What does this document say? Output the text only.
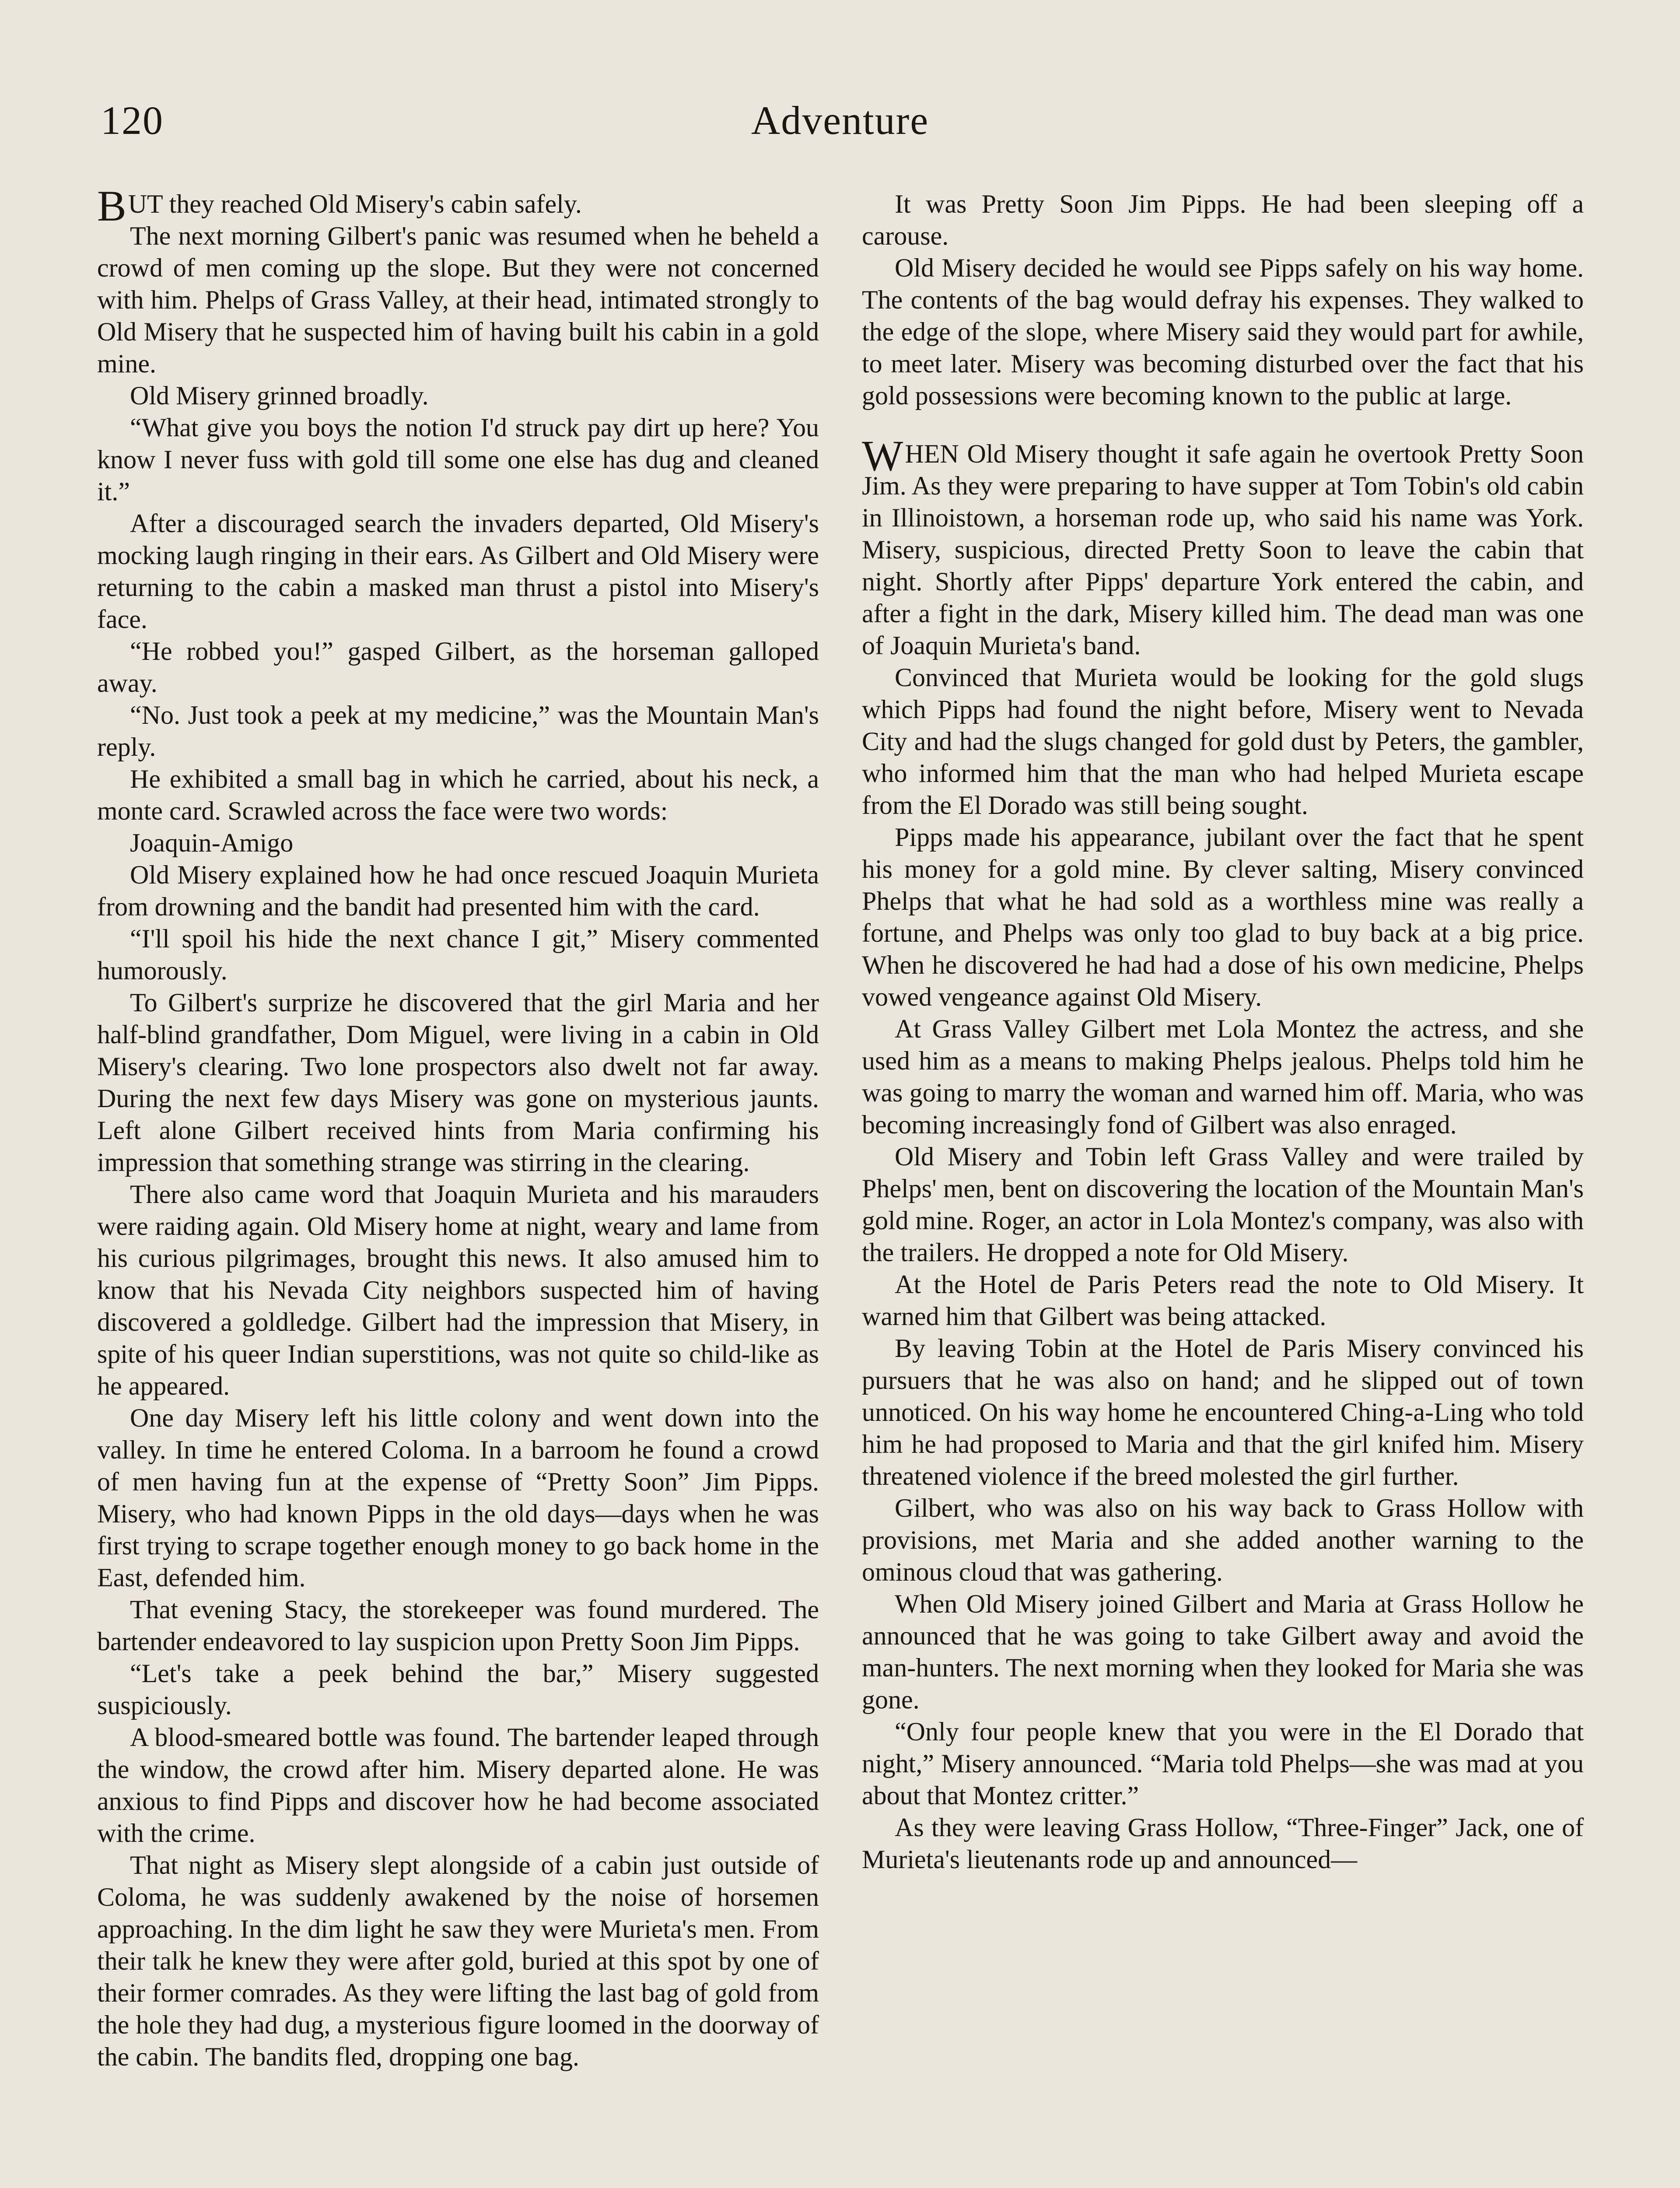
120	Adventure

BUT they reached Old Misery's cabin safely.

The next morning Gilbert's panic was resumed when he beheld a crowd of men coming up the slope. But they were not concerned with him. Phelps of Grass Valley, at their head, intimated strongly to Old Misery that he suspected him of having built his cabin in a gold mine.

Old Misery grinned broadly.

“What give you boys the notion I'd struck pay dirt up here? You know I never fuss with gold till some one else has dug and cleaned it.”

After a discouraged search the invaders departed, Old Misery's mocking laugh ringing in their ears. As Gilbert and Old Misery were returning to the cabin a masked man thrust a pistol into Misery's face.

“He robbed you!” gasped Gilbert, as the horseman galloped away.

“No. Just took a peek at my medicine,” was the Mountain Man's reply.

He exhibited a small bag in which he carried, about his neck, a monte card. Scrawled across the face were two words:

Joaquin-Amigo

Old Misery explained how he had once rescued Joaquin Murieta from drowning and the bandit had presented him with the card.

“I'll spoil his hide the next chance I git,” Misery commented humorously.

To Gilbert's surprize he discovered that the girl Maria and her half-blind grandfather, Dom Miguel, were living in a cabin in Old Misery's clearing. Two lone prospectors also dwelt not far away. During the next few days Misery was gone on mysterious jaunts. Left alone Gilbert received hints from Maria confirming his impression that something strange was stirring in the clearing.

There also came word that Joaquin Murieta and his marauders were raiding again. Old Misery home at night, weary and lame from his curious pilgrimages, brought this news. It also amused him to know that his Nevada City neighbors suspected him of having discovered a goldledge. Gilbert had the impression that Misery, in spite of his queer Indian superstitions, was not quite so child-like as he appeared.

One day Misery left his little colony and went down into the valley. In time he entered Coloma. In a barroom he found a crowd of men having fun at the expense of “Pretty Soon” Jim Pipps. Misery, who had known Pipps in the old days—days when he was first trying to scrape together enough money to go back home in the East, defended him.

That evening Stacy, the storekeeper was found murdered. The bartender endeavored to lay suspicion upon Pretty Soon Jim Pipps.

“Let's take a peek behind the bar,” Misery suggested suspiciously.

A blood-smeared bottle was found. The bartender leaped through the window, the crowd after him. Misery departed alone. He was anxious to find Pipps and discover how he had become associated with the crime.

That night as Misery slept alongside of a cabin just outside of Coloma, he was suddenly awakened by the noise of horsemen approaching. In the dim light he saw they were Murieta's men. From their talk he knew they were after gold, buried at this spot by one of their former comrades. As they were lifting the last bag of gold from the hole they had dug, a mysterious figure loomed in the doorway of the cabin. The bandits fled, dropping one bag.

It was Pretty Soon Jim Pipps. He had been sleeping off a carouse.

Old Misery decided he would see Pipps safely on his way home. The contents of the bag would defray his expenses. They walked to the edge of the slope, where Misery said they would part for awhile, to meet later. Misery was becoming disturbed over the fact that his gold possessions were becoming known to the public at large.

WHEN Old Misery thought it safe again he overtook Pretty Soon Jim. As they were preparing to have supper at Tom Tobin's old cabin in Illinoistown, a horseman rode up, who said his name was York. Misery, suspicious, directed Pretty Soon to leave the cabin that night. Shortly after Pipps' departure York entered the cabin, and after a fight in the dark, Misery killed him. The dead man was one of Joaquin Murieta's band.

Convinced that Murieta would be looking for the gold slugs which Pipps had found the night before, Misery went to Nevada City and had the slugs changed for gold dust by Peters, the gambler, who informed him that the man who had helped Murieta escape from the El Dorado was still being sought.

Pipps made his appearance, jubilant over the fact that he spent his money for a gold mine. By clever salting, Misery convinced Phelps that what he had sold as a worthless mine was really a fortune, and Phelps was only too glad to buy back at a big price. When he discovered he had had a dose of his own medicine, Phelps vowed vengeance against Old Misery.

At Grass Valley Gilbert met Lola Montez the actress, and she used him as a means to making Phelps jealous. Phelps told him he was going to marry the woman and warned him off. Maria, who was becoming increasingly fond of Gilbert was also enraged.

Old Misery and Tobin left Grass Valley and were trailed by Phelps' men, bent on discovering the location of the Mountain Man's gold mine. Roger, an actor in Lola Montez's company, was also with the trailers. He dropped a note for Old Misery.

At the Hotel de Paris Peters read the note to Old Misery. It warned him that Gilbert was being attacked.

By leaving Tobin at the Hotel de Paris Misery convinced his pursuers that he was also on hand; and he slipped out of town unnoticed. On his way home he encountered Ching-a-Ling who told him he had proposed to Maria and that the girl knifed him. Misery threatened violence if the breed molested the girl further.

Gilbert, who was also on his way back to Grass Hollow with provisions, met Maria and she added another warning to the ominous cloud that was gathering.

When Old Misery joined Gilbert and Maria at Grass Hollow he announced that he was going to take Gilbert away and avoid the man-hunters. The next morning when they looked for Maria she was gone.

“Only four people knew that you were in the El Dorado that night,” Misery announced. “Maria told Phelps—she was mad at you about that Montez critter.”

As they were leaving Grass Hollow, “Three-Finger” Jack, one of Murieta's lieutenants rode up and announced—
